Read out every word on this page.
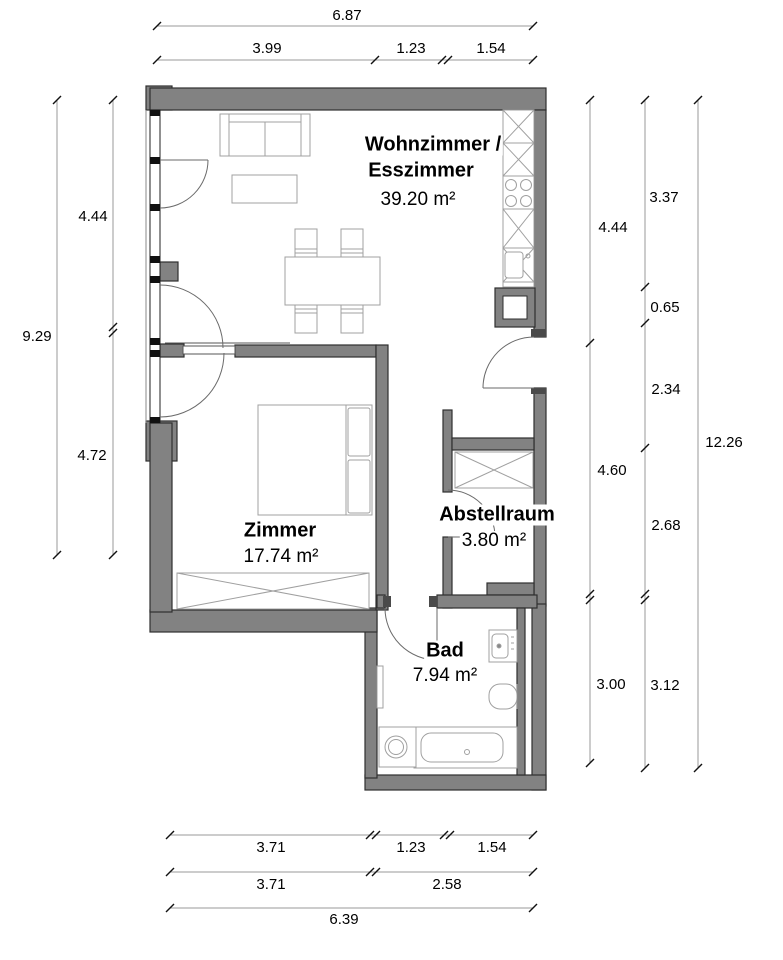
Wohnzimmer /
Esszimmer
39.20 m²
Zimmer
17.74 m²
Abstellraum
3.80 m²
Bad
7.94 m²
6.87
3.99	1.23	1.54
9.29
4.44
4.72
4.44
4.60
3.00
3.37
0.65
2.34
2.68
3.12
12.26
3.71	1.23	1.54
3.71	2.58
6.39
